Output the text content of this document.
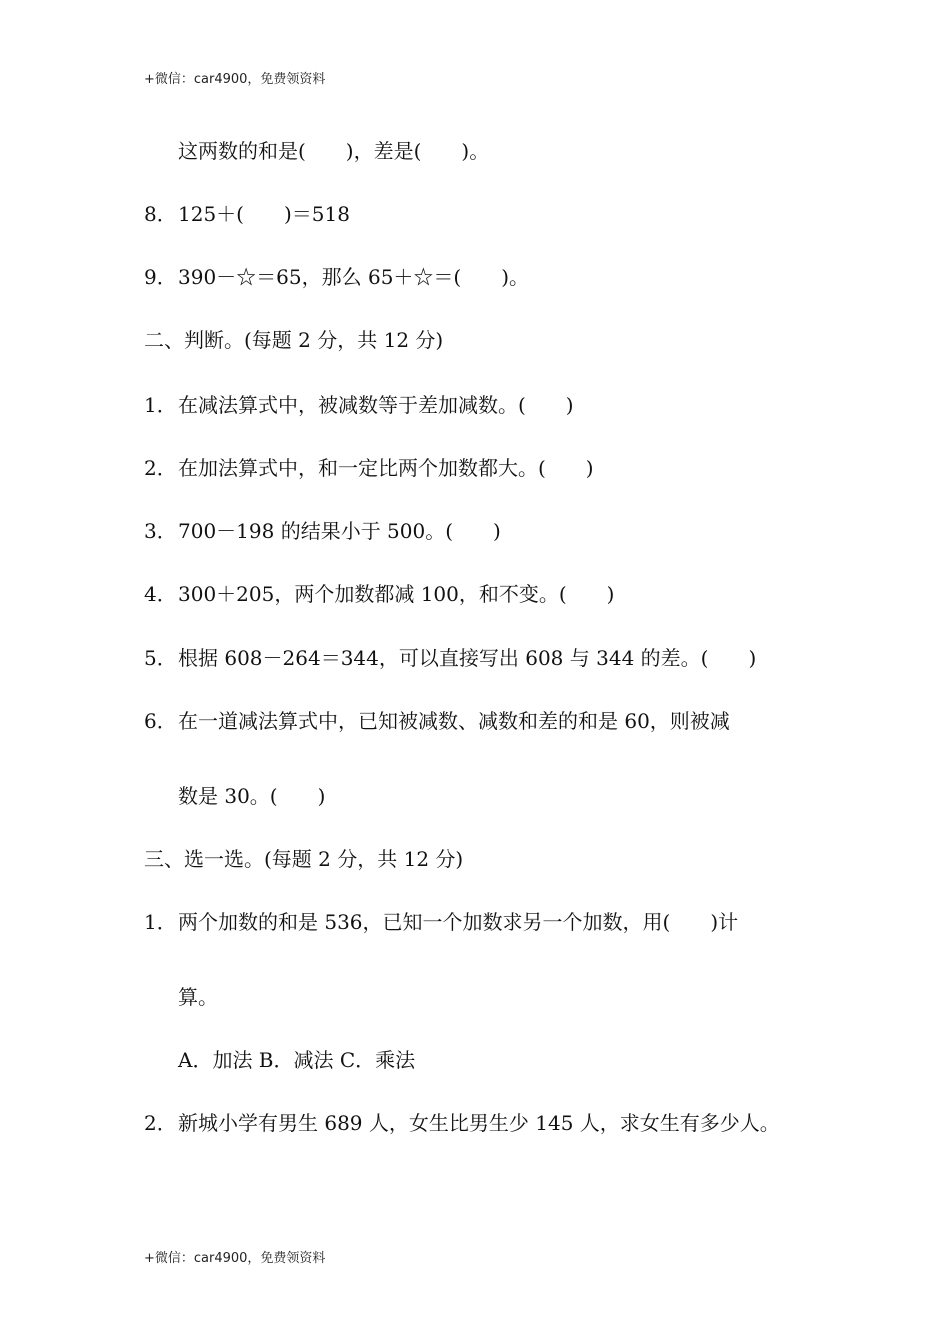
+微信：car4900，免费领资料
这两数的和是(　　)，差是(　　)。
8．125＋(　　)＝518
9．390－☆＝65，那么 65＋☆＝(　　)。
二、判断。(每题 2 分，共 12 分)
1．在减法算式中，被减数等于差加减数。(　　)
2．在加法算式中，和一定比两个加数都大。(　　)
3．700－198 的结果小于 500。(　　)
4．300＋205，两个加数都减 100，和不变。(　　)
5．根据 608－264＝344，可以直接写出 608 与 344 的差。(　　)
6．在一道减法算式中，已知被减数、减数和差的和是 60，则被减
数是 30。(　　)
三、选一选。(每题 2 分，共 12 分)
1．两个加数的和是 536，已知一个加数求另一个加数，用(　　)计
算。
A．加法 B．减法 C．乘法
2．新城小学有男生 689 人，女生比男生少 145 人，求女生有多少人。
+微信：car4900，免费领资料
